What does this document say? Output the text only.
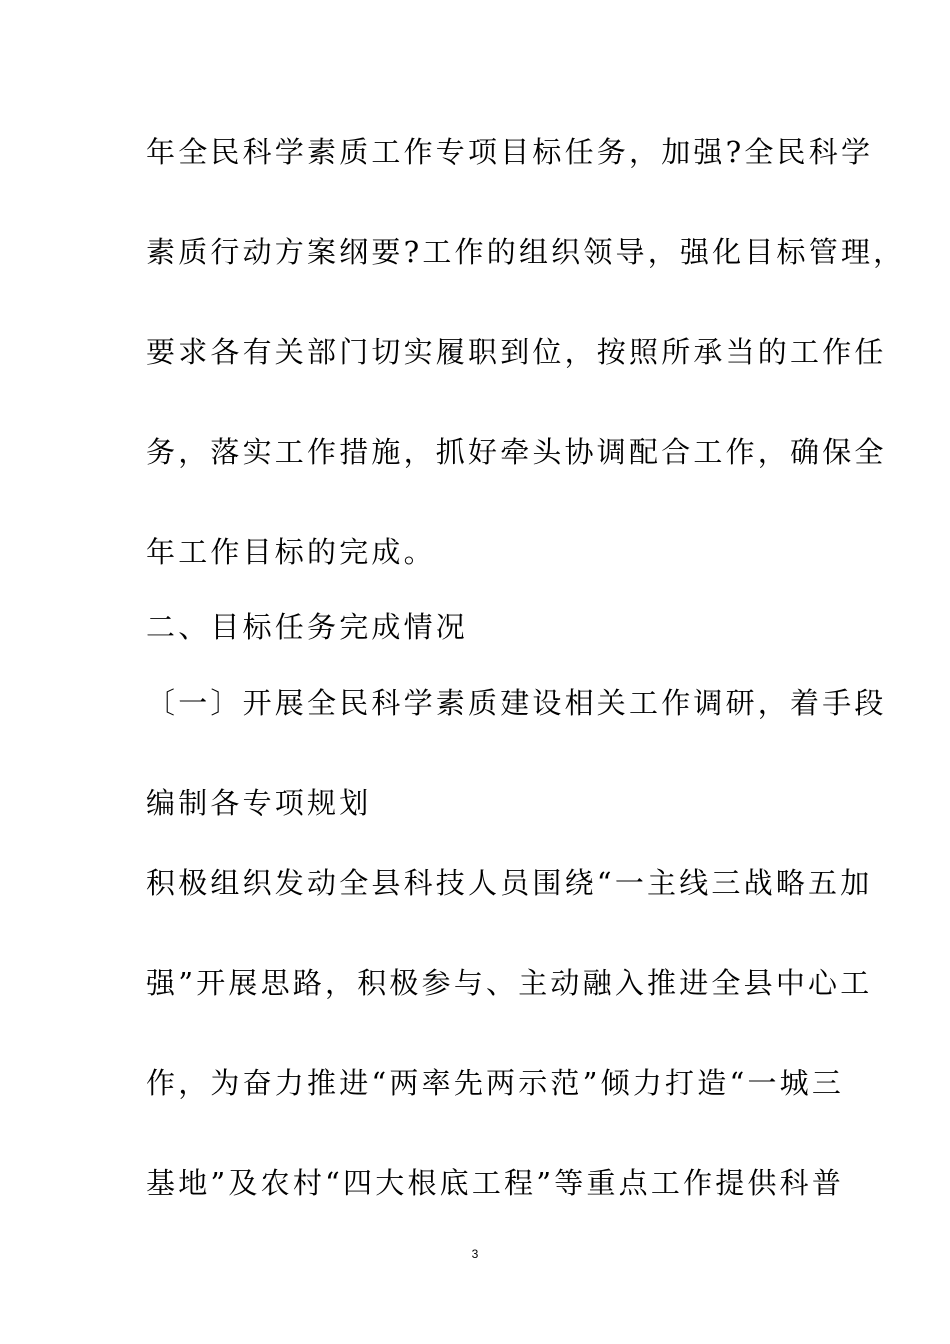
年全民科学素质工作专项目标任务，加强?全民科学
素质行动方案纲要?工作的组织领导，强化目标管理，
要求各有关部门切实履职到位，按照所承当的工作任
务，落实工作措施，抓好牵头协调配合工作，确保全
年工作目标的完成。
二、目标任务完成情况
〔一〕开展全民科学素质建设相关工作调研，着手段
编制各专项规划
积极组织发动全县科技人员围绕“一主线三战略五加
强”开展思路，积极参与、主动融入推进全县中心工
作，为奋力推进“两率先两示范”倾力打造“一城三
基地”及农村“四大根底工程”等重点工作提供科普
3
